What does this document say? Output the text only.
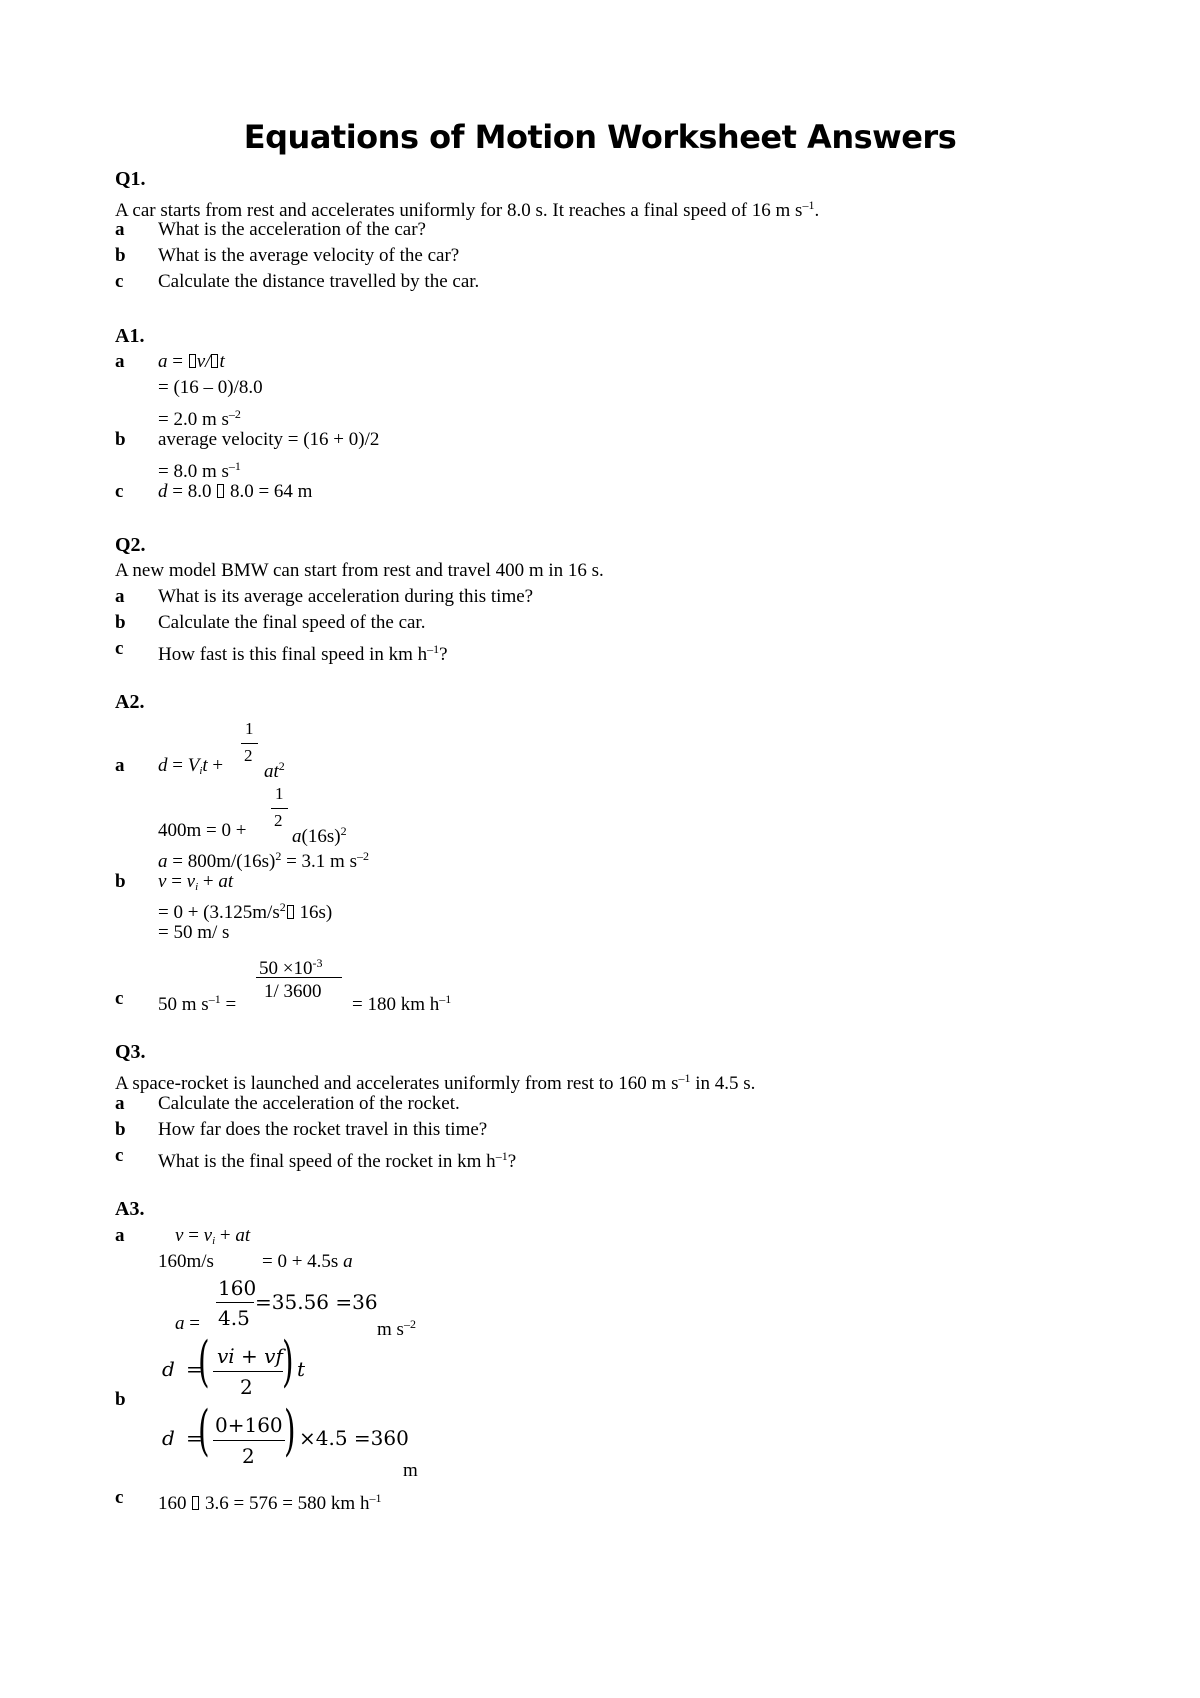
Equations of Motion Worksheet Answers
Q1.
A car starts from rest and accelerates uniformly for 8.0 s. It reaches a final speed of 16 m $s^{-1}$.
a What is the acceleration of the car?
b What is the average velocity of the car?
c Calculate the distance travelled by the car.
A1.
a a = v/ t
= (16 – 0)/8.0
= 2.0 m $s^{-2}$
b average velocity = (16 + 0)/2
= 8.0 m $s^{-1}$
c d = 8.0  8.0 = 64 m
Q2.
A new model BMW can start from rest and travel 400 m in 16 s.
a What is its average acceleration during this time?
b Calculate the final speed of the car.
c How fast is this final speed in km $h^{-1}$?
A2.
1
2
a $d = V_it + at^2$
1
2
$400m = 0 + a(16s)^2$
$a = 800m/(16s)^2 = 3.1$ m $s^{-2}$
b $v = v_i$ + at
= $0 + (3.125m/s^2$ 16s)
= 50 m/ s
$50 \times 10^{-3}$
1/ 3600
c 50 m $s^{-1}$ =	= 180 km $h^{-1}$
Q3.
A space-rocket is launched and accelerates uniformly from rest to 160 m $s^{-1}$ in 4.5 s.
a Calculate the acceleration of the rocket.
b How far does the rocket travel in this time?
c What is the final speed of the rocket in km $h^{-1}$?
A3.
a	$v = v_i$ + at
160m/s	= 0 + 4.5s a
160
4.5
=35.56 =36
a =	m $s^{-2}$
d =
( vi + vf
2 ) t
b
d =
( 0+160
2 ) ×4.5 =360
m
c 160  3.6 = 576 = 580 km $h^{-1}$
